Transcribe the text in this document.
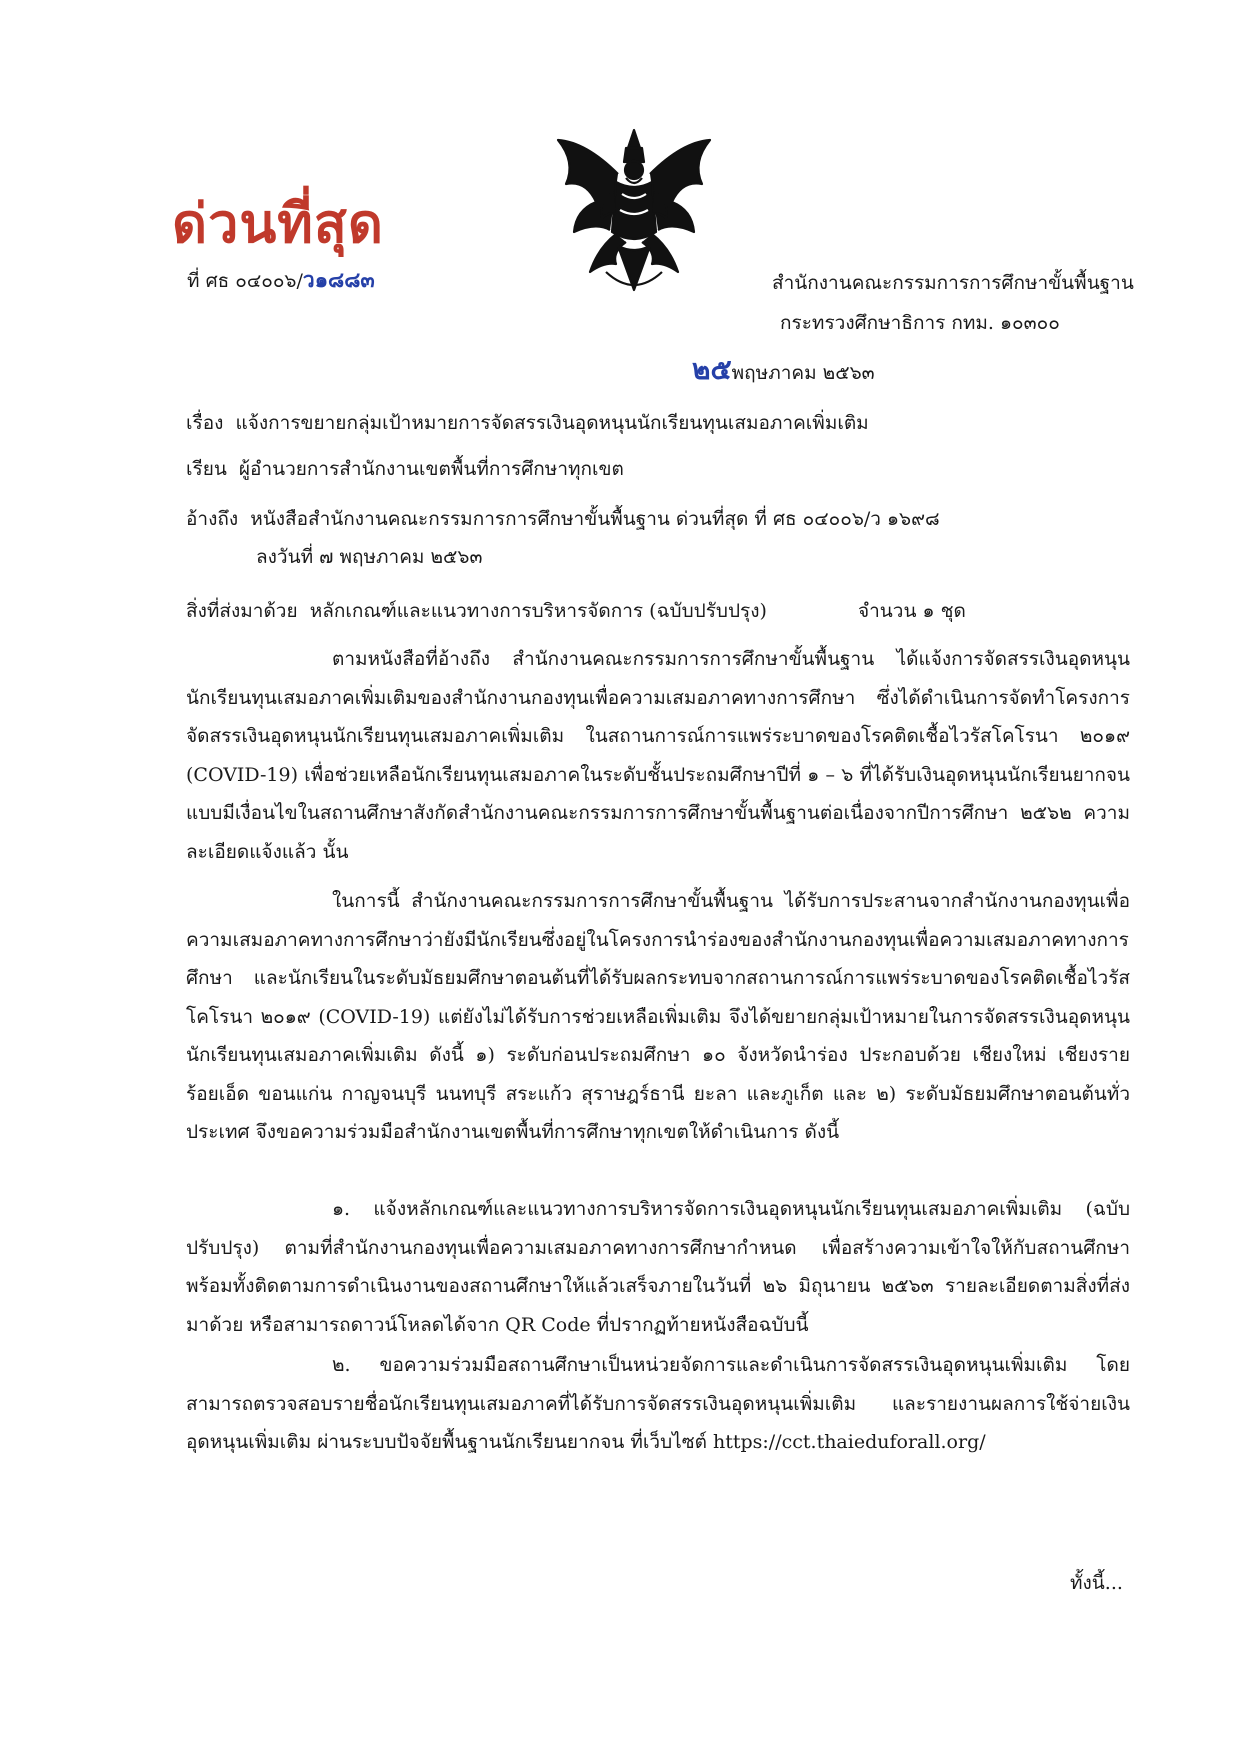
ด่วนที่สุด
ที่ ศธ ๐๔๐๐๖/ว๑๘๘๓	สำนักงานคณะกรรมการการศึกษาขั้นพื้นฐาน
กระทรวงศึกษาธิการ กทม. ๑๐๓๐๐
๒๕พฤษภาคม ๒๕๖๓
เรื่อง แจ้งการขยายกลุ่มเป้าหมายการจัดสรรเงินอุดหนุนนักเรียนทุนเสมอภาคเพิ่มเติม
เรียน ผู้อำนวยการสำนักงานเขตพื้นที่การศึกษาทุกเขต
อ้างถึง หนังสือสำนักงานคณะกรรมการการศึกษาขั้นพื้นฐาน ด่วนที่สุด ที่ ศธ ๐๔๐๐๖/ว ๑๖๙๘
ลงวันที่ ๗ พฤษภาคม ๒๕๖๓
สิ่งที่ส่งมาด้วย หลักเกณฑ์และแนวทางการบริหารจัดการ (ฉบับปรับปรุง)	จำนวน ๑ ชุด
ตามหนังสือที่อ้างถึง สำนักงานคณะกรรมการการศึกษาขั้นพื้นฐาน ได้แจ้งการจัดสรรเงินอุดหนุนนักเรียนทุนเสมอภาคเพิ่มเติมของสำนักงานกองทุนเพื่อความเสมอภาคทางการศึกษา ซึ่งได้ดำเนินการจัดทำโครงการจัดสรรเงินอุดหนุนนักเรียนทุนเสมอภาคเพิ่มเติม ในสถานการณ์การแพร่ระบาดของโรคติดเชื้อไวรัสโคโรนา ๒๐๑๙ (COVID-19) เพื่อช่วยเหลือนักเรียนทุนเสมอภาคในระดับชั้นประถมศึกษาปีที่ ๑ – ๖ ที่ได้รับเงินอุดหนุนนักเรียนยากจนแบบมีเงื่อนไขในสถานศึกษาสังกัดสำนักงานคณะกรรมการการศึกษาขั้นพื้นฐานต่อเนื่องจากปีการศึกษา ๒๕๖๒ ความละเอียดแจ้งแล้ว นั้น
ในการนี้ สำนักงานคณะกรรมการการศึกษาขั้นพื้นฐาน ได้รับการประสานจากสำนักงานกองทุนเพื่อความเสมอภาคทางการศึกษาว่ายังมีนักเรียนซึ่งอยู่ในโครงการนำร่องของสำนักงานกองทุนเพื่อความเสมอภาคทางการศึกษา และนักเรียนในระดับมัธยมศึกษาตอนต้นที่ได้รับผลกระทบจากสถานการณ์การแพร่ระบาดของโรคติดเชื้อไวรัสโคโรนา ๒๐๑๙ (COVID-19) แต่ยังไม่ได้รับการช่วยเหลือเพิ่มเติม จึงได้ขยายกลุ่มเป้าหมายในการจัดสรรเงินอุดหนุนนักเรียนทุนเสมอภาคเพิ่มเติม ดังนี้ ๑) ระดับก่อนประถมศึกษา ๑๐ จังหวัดนำร่อง ประกอบด้วย เชียงใหม่ เชียงราย ร้อยเอ็ด ขอนแก่น กาญจนบุรี นนทบุรี สระแก้ว สุราษฎร์ธานี ยะลา และภูเก็ต และ ๒) ระดับมัธยมศึกษาตอนต้นทั่วประเทศ จึงขอความร่วมมือสำนักงานเขตพื้นที่การศึกษาทุกเขตให้ดำเนินการ ดังนี้
๑. แจ้งหลักเกณฑ์และแนวทางการบริหารจัดการเงินอุดหนุนนักเรียนทุนเสมอภาคเพิ่มเติม (ฉบับปรับปรุง) ตามที่สำนักงานกองทุนเพื่อความเสมอภาคทางการศึกษากำหนด เพื่อสร้างความเข้าใจให้กับสถานศึกษา พร้อมทั้งติดตามการดำเนินงานของสถานศึกษาให้แล้วเสร็จภายในวันที่ ๒๖ มิถุนายน ๒๕๖๓ รายละเอียดตามสิ่งที่ส่งมาด้วย หรือสามารถดาวน์โหลดได้จาก QR Code ที่ปรากฏท้ายหนังสือฉบับนี้
๒. ขอความร่วมมือสถานศึกษาเป็นหน่วยจัดการและดำเนินการจัดสรรเงินอุดหนุนเพิ่มเติม โดยสามารถตรวจสอบรายชื่อนักเรียนทุนเสมอภาคที่ได้รับการจัดสรรเงินอุดหนุนเพิ่มเติม และรายงานผลการใช้จ่ายเงินอุดหนุนเพิ่มเติม ผ่านระบบปัจจัยพื้นฐานนักเรียนยากจน ที่เว็บไซต์ https://cct.thaieduforall.org/
ทั้งนี้...
